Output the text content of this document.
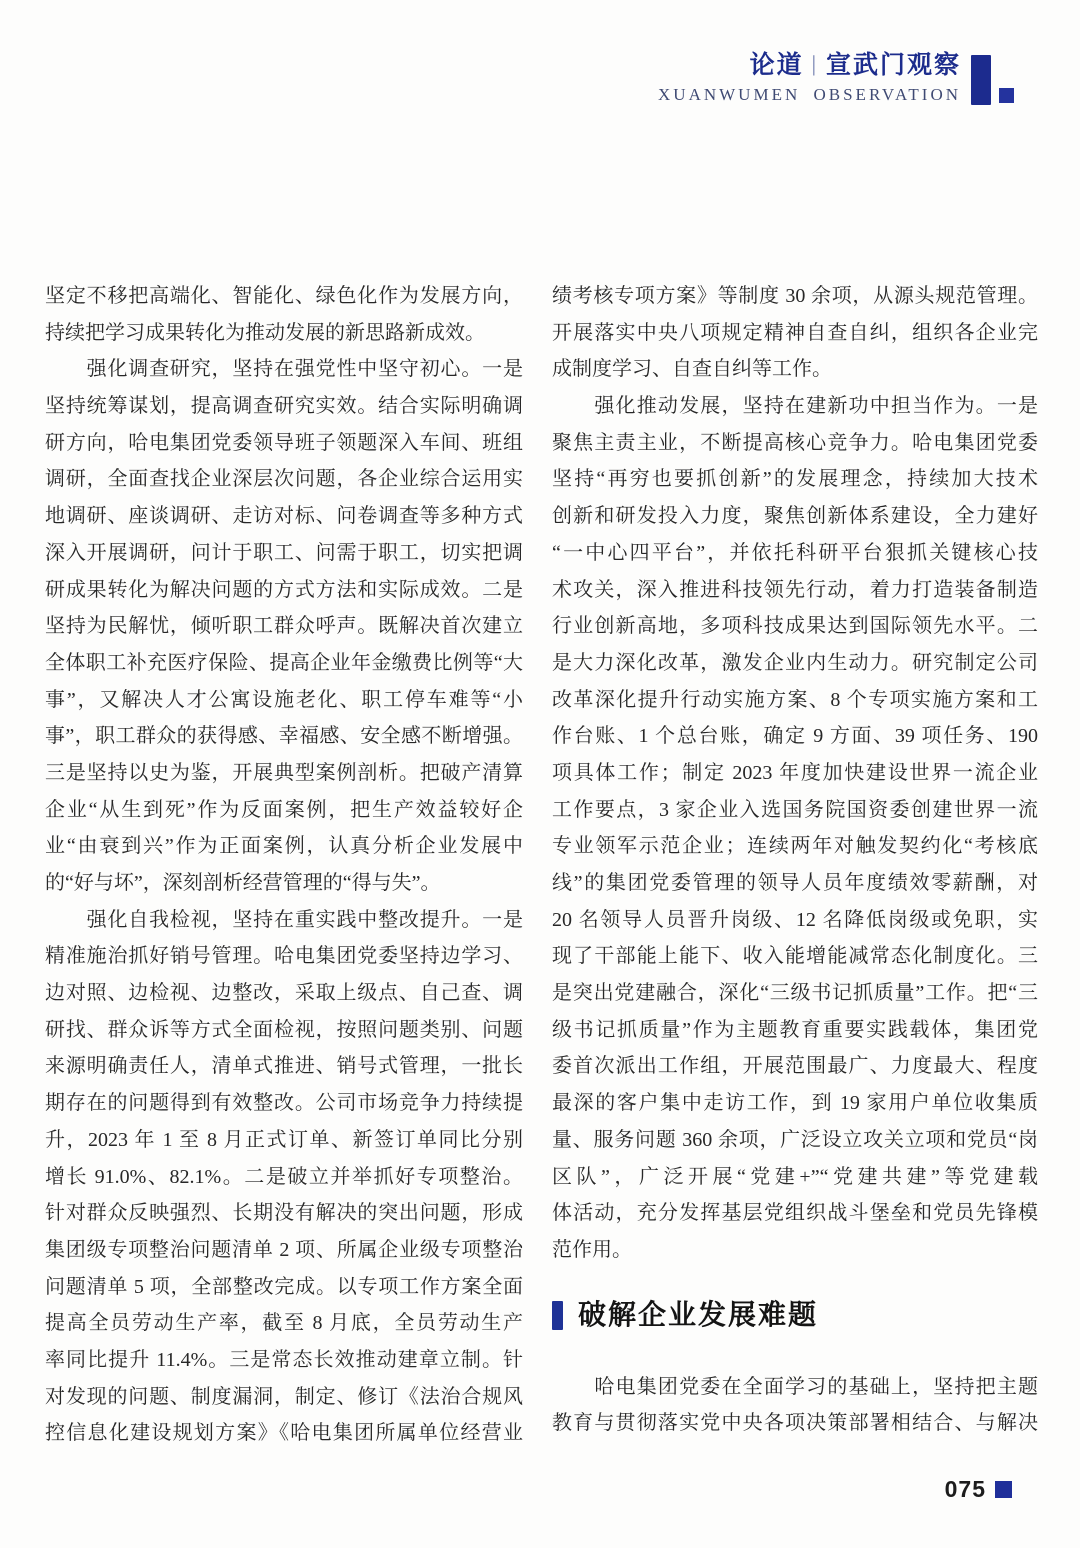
论道 | 宣武门观察
XUANWUMEN OBSERVATION
坚定不移把高端化、智能化、绿色化作为发展方向，
持续把学习成果转化为推动发展的新思路新成效。
　　强化调查研究，坚持在强党性中坚守初心。一是
坚持统筹谋划，提高调查研究实效。结合实际明确调
研方向，哈电集团党委领导班子领题深入车间、班组
调研，全面查找企业深层次问题，各企业综合运用实
地调研、座谈调研、走访对标、问卷调查等多种方式
深入开展调研，问计于职工、问需于职工，切实把调
研成果转化为解决问题的方式方法和实际成效。二是
坚持为民解忧，倾听职工群众呼声。既解决首次建立
全体职工补充医疗保险、提高企业年金缴费比例等“大
事”，又解决人才公寓设施老化、职工停车难等“小
事”，职工群众的获得感、幸福感、安全感不断增强。
三是坚持以史为鉴，开展典型案例剖析。把破产清算
企业“从生到死”作为反面案例，把生产效益较好企
业“由衰到兴”作为正面案例，认真分析企业发展中
的“好与坏”，深刻剖析经营管理的“得与失”。
　　强化自我检视，坚持在重实践中整改提升。一是
精准施治抓好销号管理。哈电集团党委坚持边学习、
边对照、边检视、边整改，采取上级点、自己查、调
研找、群众诉等方式全面检视，按照问题类别、问题
来源明确责任人，清单式推进、销号式管理，一批长
期存在的问题得到有效整改。公司市场竞争力持续提
升，2023 年 1 至 8 月正式订单、新签订单同比分别
增长 91.0%、82.1%。二是破立并举抓好专项整治。
针对群众反映强烈、长期没有解决的突出问题，形成
集团级专项整治问题清单 2 项、所属企业级专项整治
问题清单 5 项，全部整改完成。以专项工作方案全面
提高全员劳动生产率，截至 8 月底，全员劳动生产
率同比提升 11.4%。三是常态长效推动建章立制。针
对发现的问题、制度漏洞，制定、修订《法治合规风
控信息化建设规划方案》《哈电集团所属单位经营业
绩考核专项方案》等制度 30 余项，从源头规范管理。
开展落实中央八项规定精神自查自纠，组织各企业完
成制度学习、自查自纠等工作。
　　强化推动发展，坚持在建新功中担当作为。一是
聚焦主责主业，不断提高核心竞争力。哈电集团党委
坚持“再穷也要抓创新”的发展理念，持续加大技术
创新和研发投入力度，聚焦创新体系建设，全力建好
“一中心四平台”，并依托科研平台狠抓关键核心技
术攻关，深入推进科技领先行动，着力打造装备制造
行业创新高地，多项科技成果达到国际领先水平。二
是大力深化改革，激发企业内生动力。研究制定公司
改革深化提升行动实施方案、8 个专项实施方案和工
作台账、1 个总台账，确定 9 方面、39 项任务、190
项具体工作；制定 2023 年度加快建设世界一流企业
工作要点，3 家企业入选国务院国资委创建世界一流
专业领军示范企业；连续两年对触发契约化“考核底
线”的集团党委管理的领导人员年度绩效零薪酬，对
20 名领导人员晋升岗级、12 名降低岗级或免职，实
现了干部能上能下、收入能增能减常态化制度化。三
是突出党建融合，深化“三级书记抓质量”工作。把“三
级书记抓质量”作为主题教育重要实践载体，集团党
委首次派出工作组，开展范围最广、力度最大、程度
最深的客户集中走访工作，到 19 家用户单位收集质
量、服务问题 360 余项，广泛设立攻关立项和党员“岗
区队”，广泛开展“党建+”“党建共建”等党建载
体活动，充分发挥基层党组织战斗堡垒和党员先锋模
范作用。
破解企业发展难题
　　哈电集团党委在全面学习的基础上，坚持把主题
教育与贯彻落实党中央各项决策部署相结合、与解决
075
